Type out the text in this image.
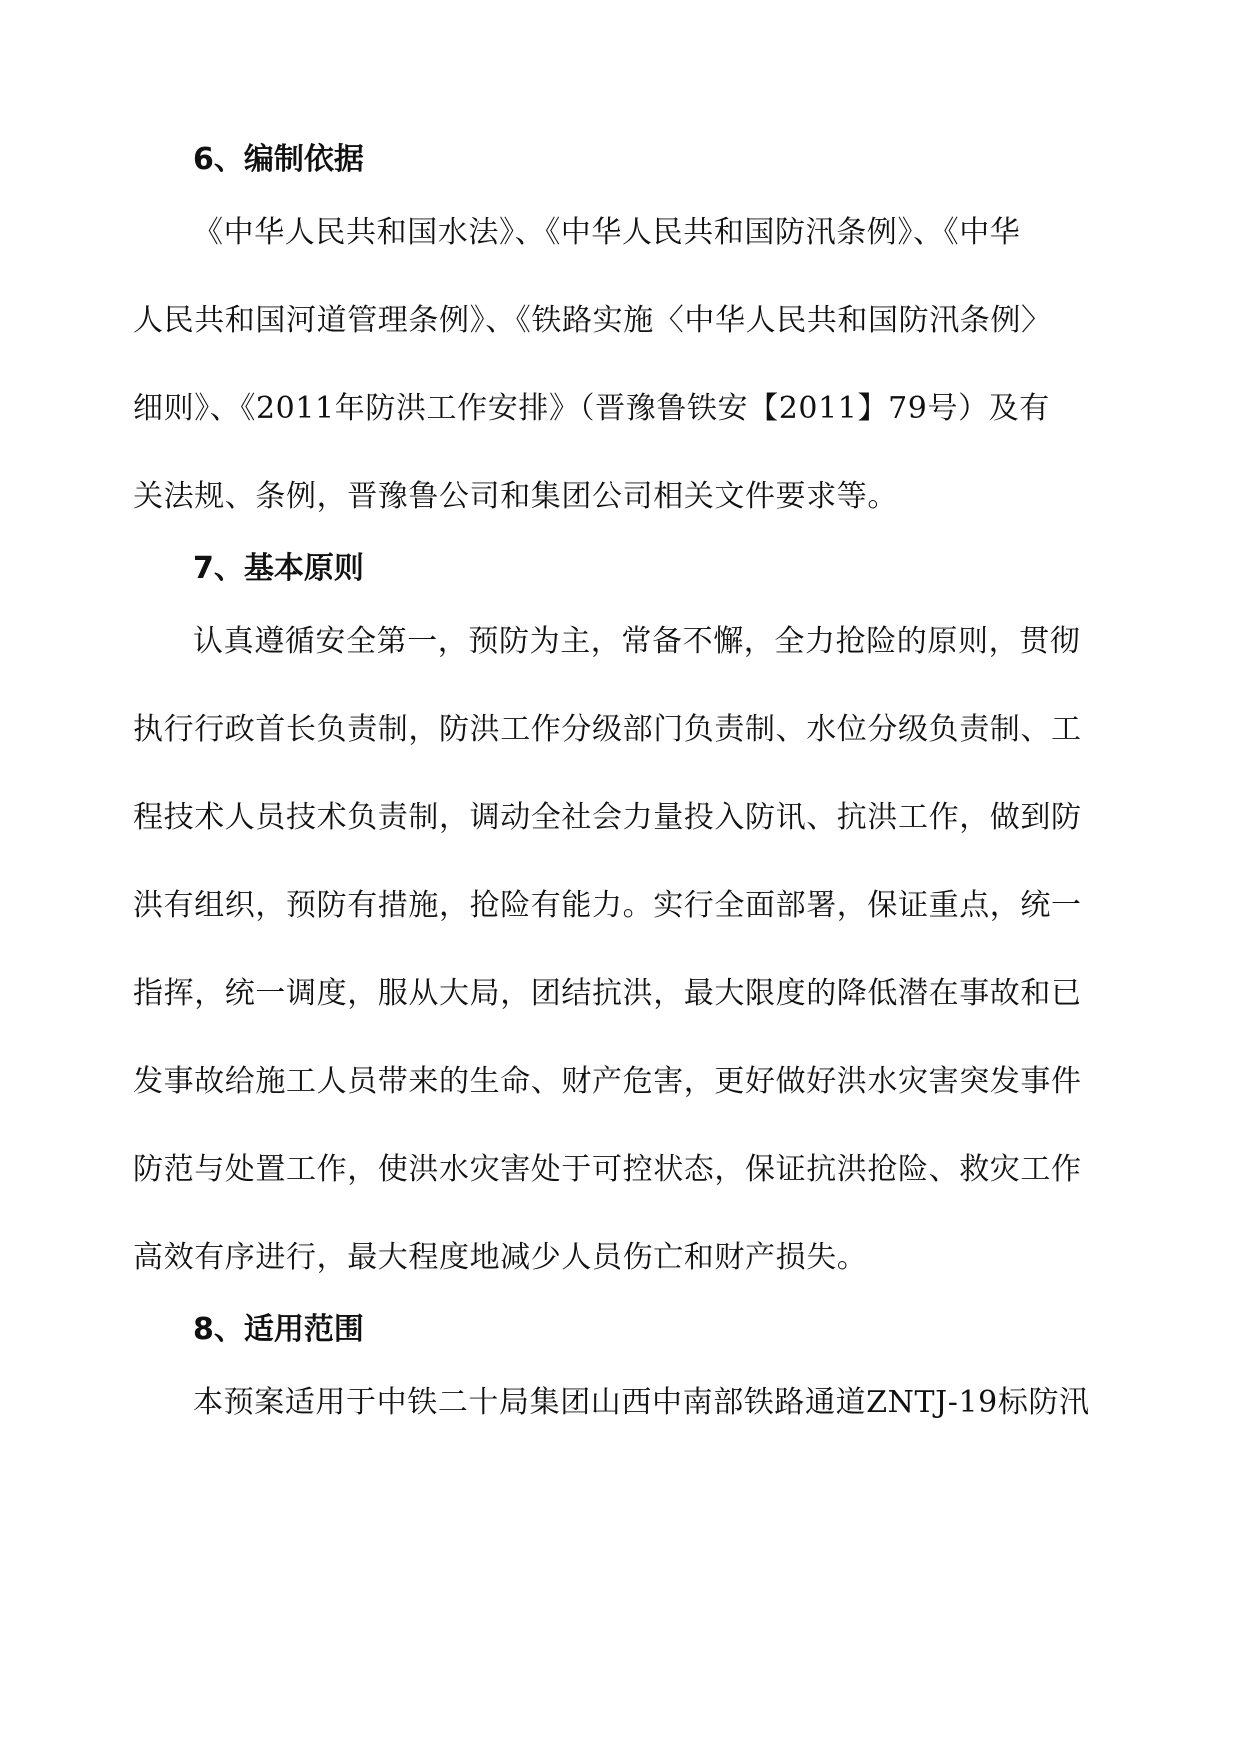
6、编制依据
《中华人民共和国水法》、《中华人民共和国防汛条例》、《中华
人民共和国河道管理条例》、《铁路实施〈中华人民共和国防汛条例〉
细则》、《2011年防洪工作安排》（晋豫鲁铁安【2011】79号）及有
关法规、条例，晋豫鲁公司和集团公司相关文件要求等。
7、基本原则
认真遵循安全第一，预防为主，常备不懈，全力抢险的原则，贯彻
执行行政首长负责制，防洪工作分级部门负责制、水位分级负责制、工
程技术人员技术负责制，调动全社会力量投入防讯、抗洪工作，做到防
洪有组织，预防有措施，抢险有能力。实行全面部署，保证重点，统一
指挥，统一调度，服从大局，团结抗洪，最大限度的降低潜在事故和已
发事故给施工人员带来的生命、财产危害，更好做好洪水灾害突发事件
防范与处置工作，使洪水灾害处于可控状态，保证抗洪抢险、救灾工作
高效有序进行，最大程度地减少人员伤亡和财产损失。
8、适用范围
本预案适用于中铁二十局集团山西中南部铁路通道ZNTJ-19标防汛
